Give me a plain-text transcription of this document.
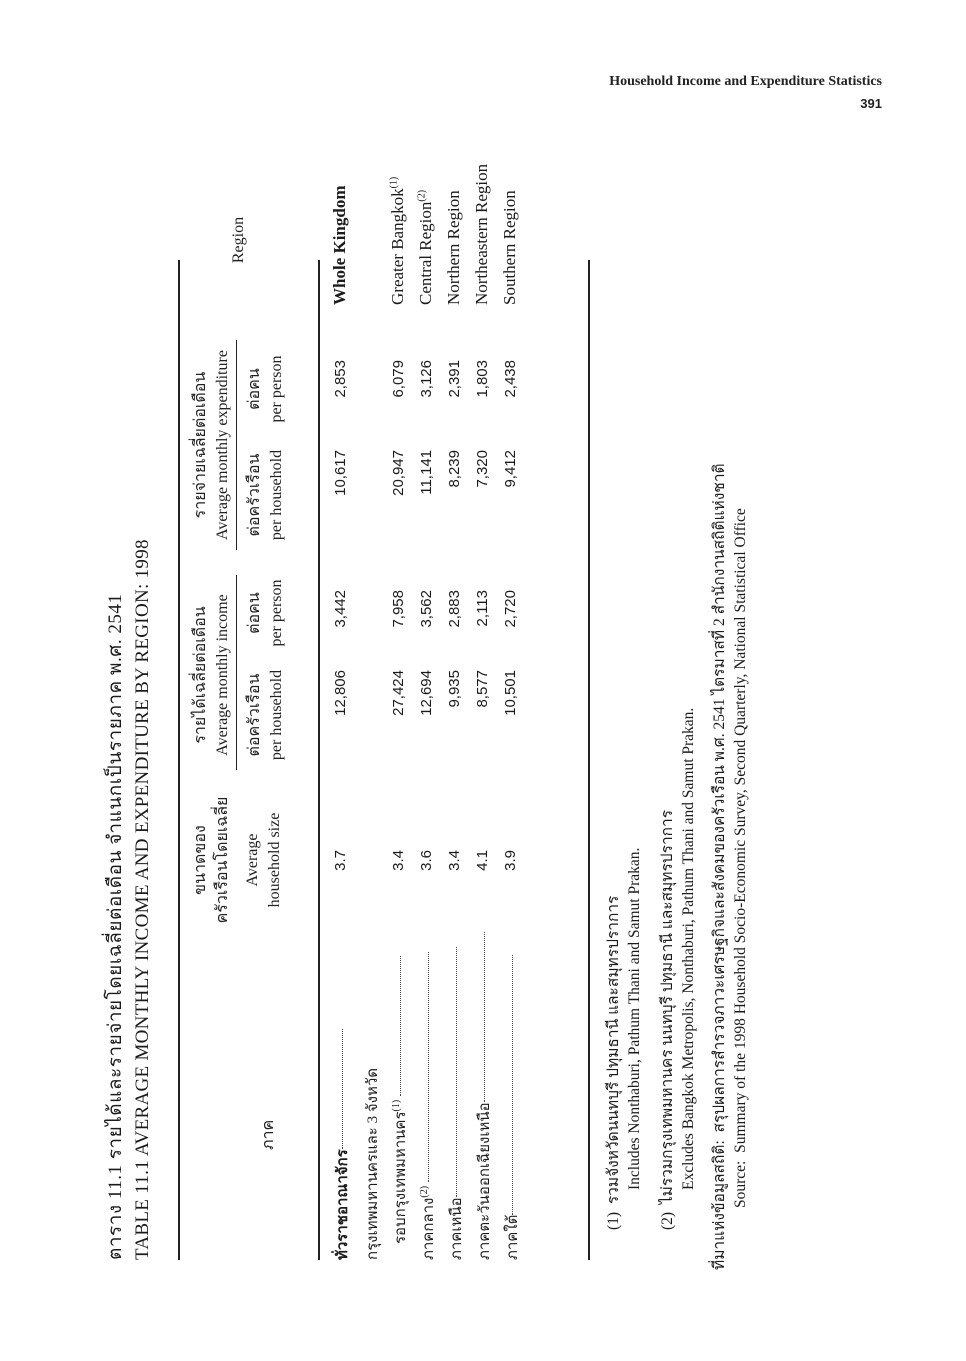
Household Income and Expenditure Statistics
391
ตาราง 11.1 รายได้และรายจ่ายโดยเฉลี่ยต่อเดือน จำแนกเป็นรายภาค พ.ศ. 2541 TABLE 11.1 AVERAGE MONTHLY INCOME AND EXPENDITURE BY REGION: 1998	ภาค
ขนาดของ ครัวเรือนโดยเฉลี่ย Average household size
รายได้เฉลี่ยต่อเดือน Average monthly income ต่อครัวเรือน per household
ต่อคน per person
รายจ่ายเฉลี่ยต่อเดือน Average monthly expenditure ต่อครัวเรือน per household
ต่อคน per person
Region
ทั่วราชอาณาจักร
3.7
12,806
3,442
10,617
2,853
Whole Kingdom
กรุงเทพมหานครและ 3 จังหวัด รอบกรุงเทพมหานคร$^{(1)}$
3.4
27,424
7,958
20,947
6,079
Greater Bangkok$^{(1)}$
ภาคกลาง$^{(2)}$
3.6
12,694
3,562
11,141
3,126
Central Region$^{(2)}$
ภาคเหนือ
3.4
9,935
2,883
8,239
2,391
Northern Region
ภาคตะวันออกเฉียงเหนือ
4.1
8,577
2,113
7,320
1,803
Northeastern Region
ภาคใต้
3.9
10,501
2,720
9,412
2,438
Southern Region
(1)  รวมจังหวัดนนทบุรี ปทุมธานี และสมุทรปราการ Includes Nonthaburi, Pathum Thani and Samut Prakan.
(2)  ไม่รวมกรุงเทพมหานคร นนทบุรี ปทุมธานี และสมุทรปราการ Excludes Bangkok Metropolis, Nonthaburi, Pathum Thani and Samut Prakan.
ที่มาแห่งข้อมูลสถิติ:  สรุปผลการสำรวจภาวะเศรษฐกิจและสังคมของครัวเรือน พ.ศ. 2541 ไตรมาสที่ 2 สำนักงานสถิติแห่งชาติ
Source:  Summary of the 1998 Household Socio-Economic Survey, Second Quarterly, National Statistical Office
